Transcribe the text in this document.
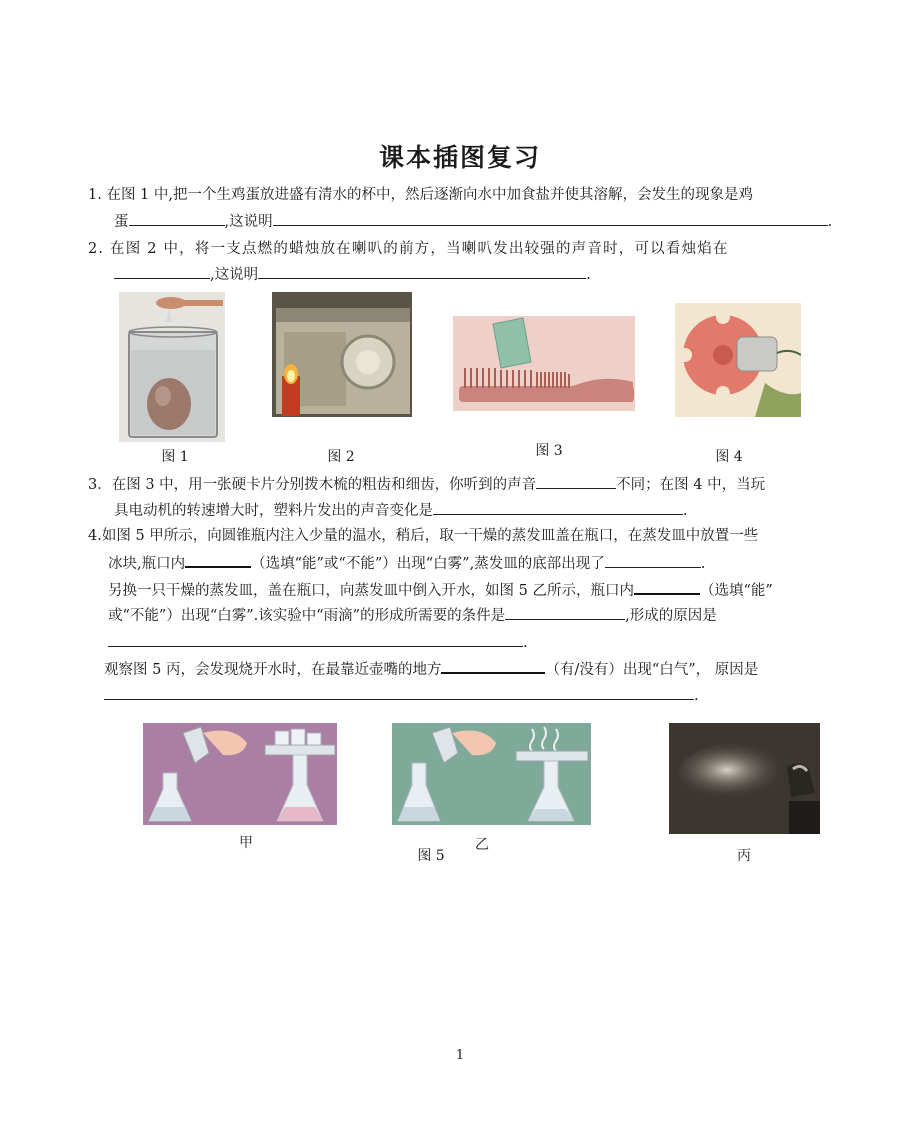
课本插图复习
1. 在图 1 中,把一个生鸡蛋放进盛有清水的杯中，然后逐渐向水中加食盐并使其溶解，会发生的现象是鸡
蛋	,这说明	.
2. 在图 2 中，将一支点燃的蜡烛放在喇叭的前方，当喇叭发出较强的声音时，可以看烛焰在
,这说明	.
图 1	图 2	图 3	图 4
3．在图 3 中，用一张硬卡片分别拨木梳的粗齿和细齿，你听到的声音	不同；在图 4 中，当玩
具电动机的转速增大时，塑料片发出的声音变化是	.
4.如图 5 甲所示，向圆锥瓶内注入少量的温水，稍后，取一干燥的蒸发皿盖在瓶口，在蒸发皿中放置一些
冰块,瓶口内	（选填“能”或“不能”）出现“白雾”,蒸发皿的底部出现了	.
另换一只干燥的蒸发皿，盖在瓶口，向蒸发皿中倒入开水，如图 5 乙所示，瓶口内	（选填“能”
或“不能”）出现“白雾”.该实验中“雨滴”的形成所需要的条件是	,形成的原因是
.
观察图 5 丙，会发现烧开水时，在最靠近壶嘴的地方	（有/没有）出现“白气”， 原因是
.
甲	乙
图 5	丙
1
